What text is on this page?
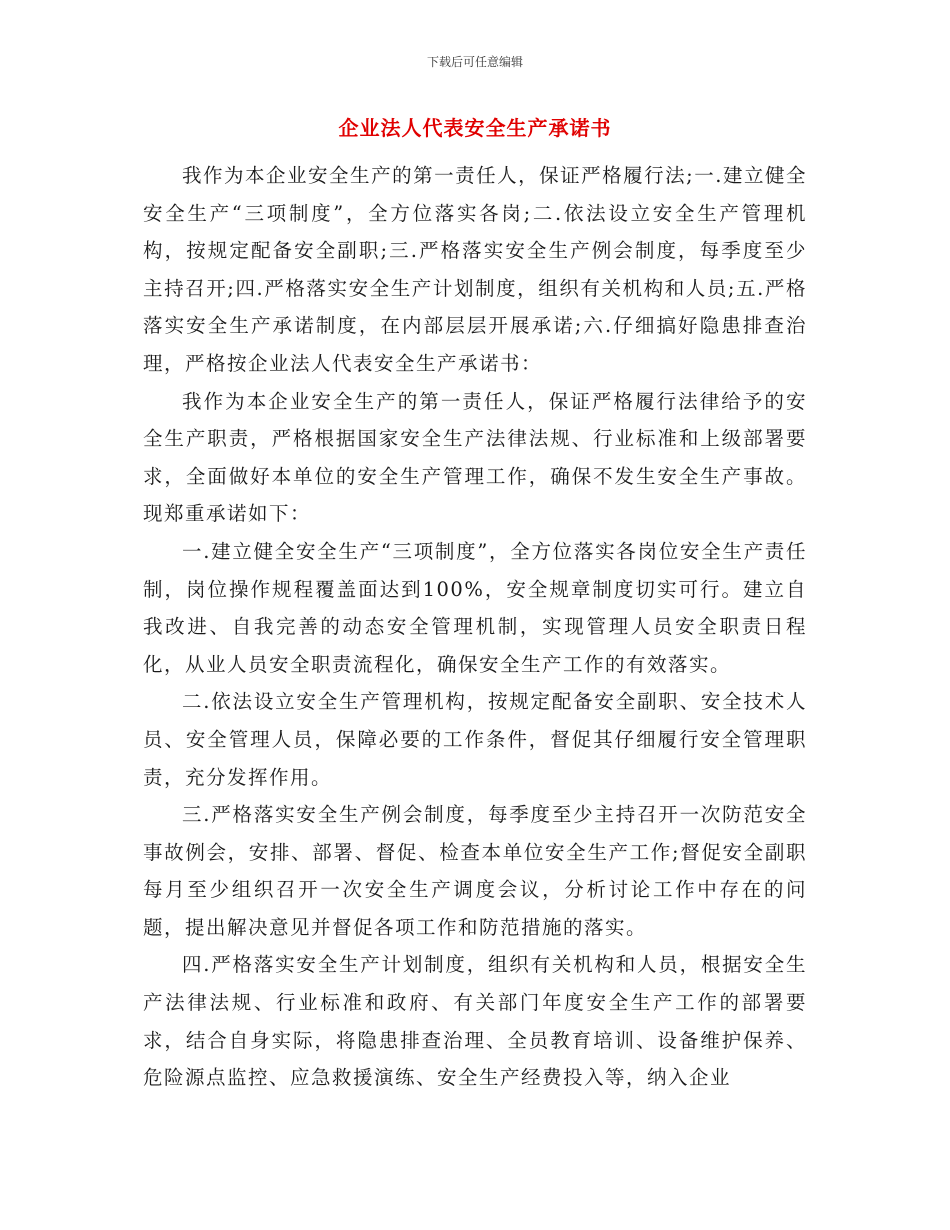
下载后可任意编辑
企业法人代表安全生产承诺书

我作为本企业安全生产的第一责任人，保证严格履行法;一.建立健全安全生产“三项制度”，全方位落实各岗;二.依法设立安全生产管理机构，按规定配备安全副职;三.严格落实安全生产例会制度，每季度至少主持召开;四.严格落实安全生产计划制度，组织有关机构和人员;五.严格落实安全生产承诺制度，在内部层层开展承诺;六.仔细搞好隐患排查治理，严格按企业法人代表安全生产承诺书：

我作为本企业安全生产的第一责任人，保证严格履行法律给予的安全生产职责，严格根据国家安全生产法律法规、行业标准和上级部署要求，全面做好本单位的安全生产管理工作，确保不发生安全生产事故。现郑重承诺如下：

一.建立健全安全生产“三项制度”，全方位落实各岗位安全生产责任制，岗位操作规程覆盖面达到100%，安全规章制度切实可行。建立自我改进、自我完善的动态安全管理机制，实现管理人员安全职责日程化，从业人员安全职责流程化，确保安全生产工作的有效落实。

二.依法设立安全生产管理机构，按规定配备安全副职、安全技术人员、安全管理人员，保障必要的工作条件，督促其仔细履行安全管理职责，充分发挥作用。

三.严格落实安全生产例会制度，每季度至少主持召开一次防范安全事故例会，安排、部署、督促、检查本单位安全生产工作;督促安全副职每月至少组织召开一次安全生产调度会议，分析讨论工作中存在的问题，提出解决意见并督促各项工作和防范措施的落实。

四.严格落实安全生产计划制度，组织有关机构和人员，根据安全生产法律法规、行业标准和政府、有关部门年度安全生产工作的部署要求，结合自身实际，将隐患排查治理、全员教育培训、设备维护保养、危险源点监控、应急救援演练、安全生产经费投入等，纳入企业
